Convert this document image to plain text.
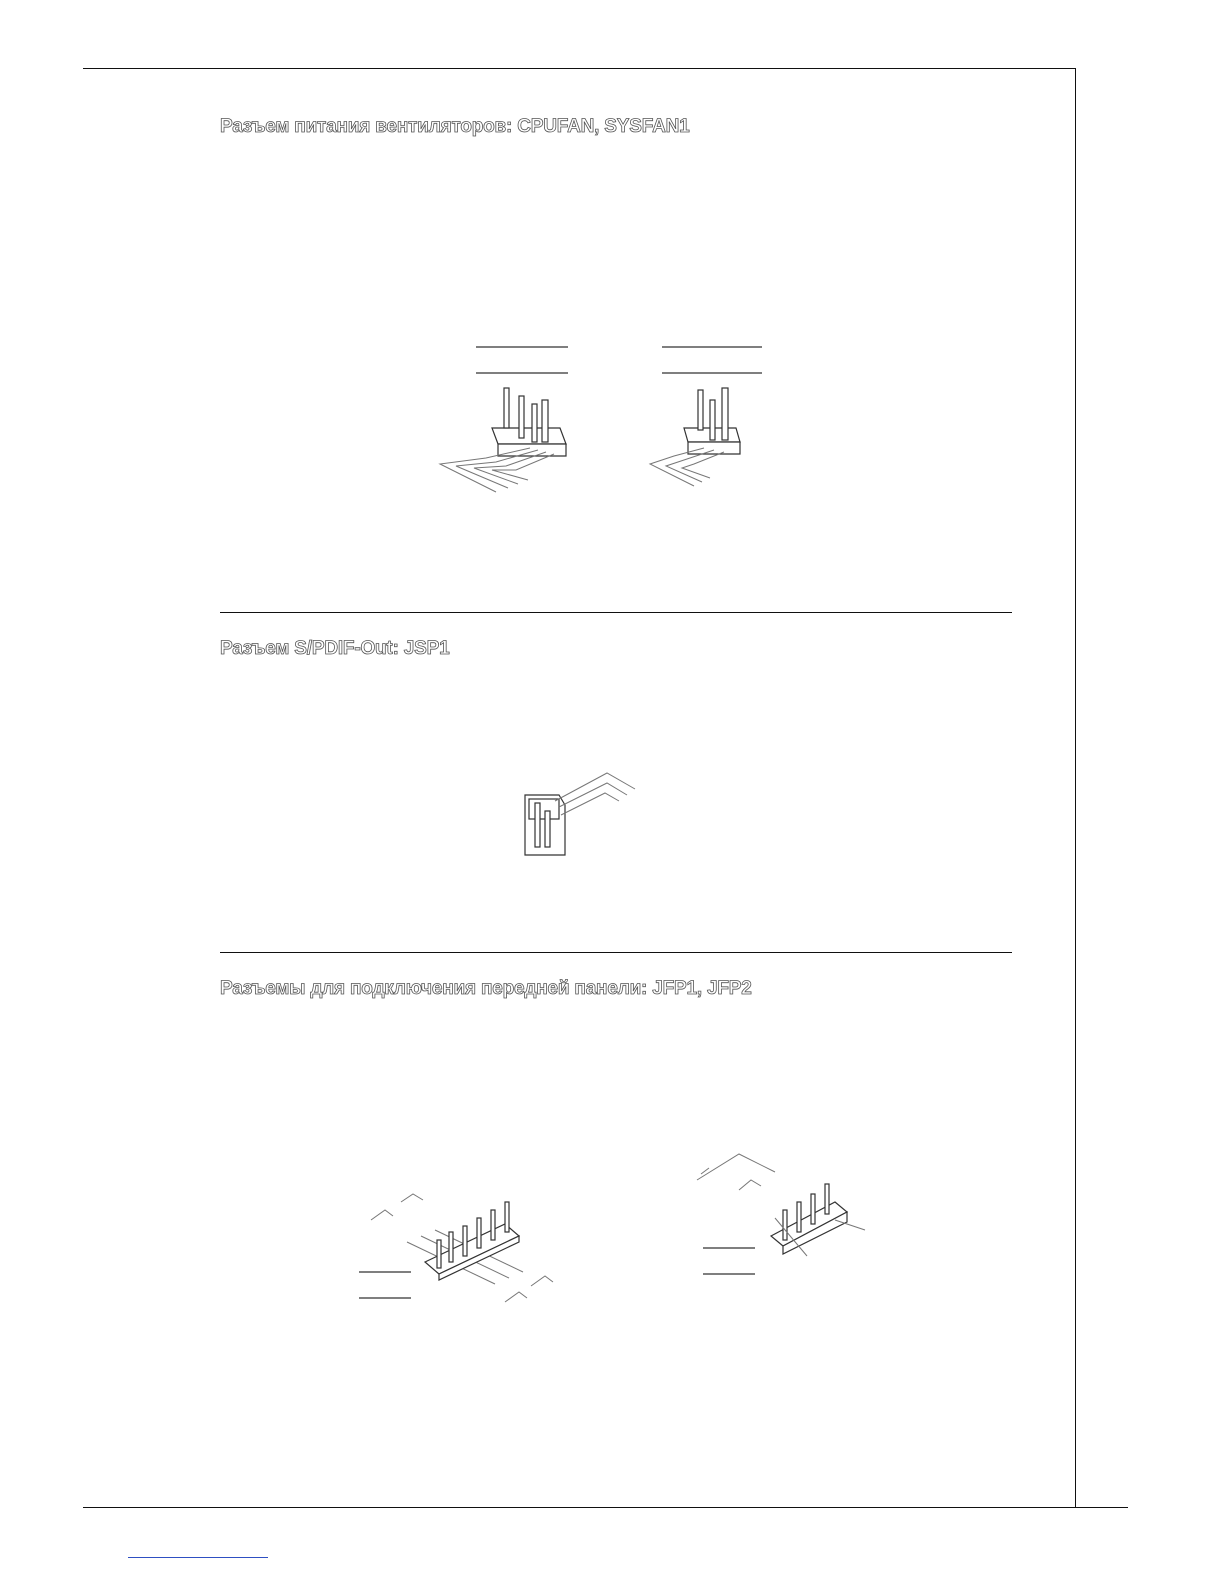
Разъем питания вентиляторов: CPUFAN, SYSFAN1
Разъем S/PDIF-Out: JSP1
Разъемы для подключения передней панели: JFP1, JFP2
